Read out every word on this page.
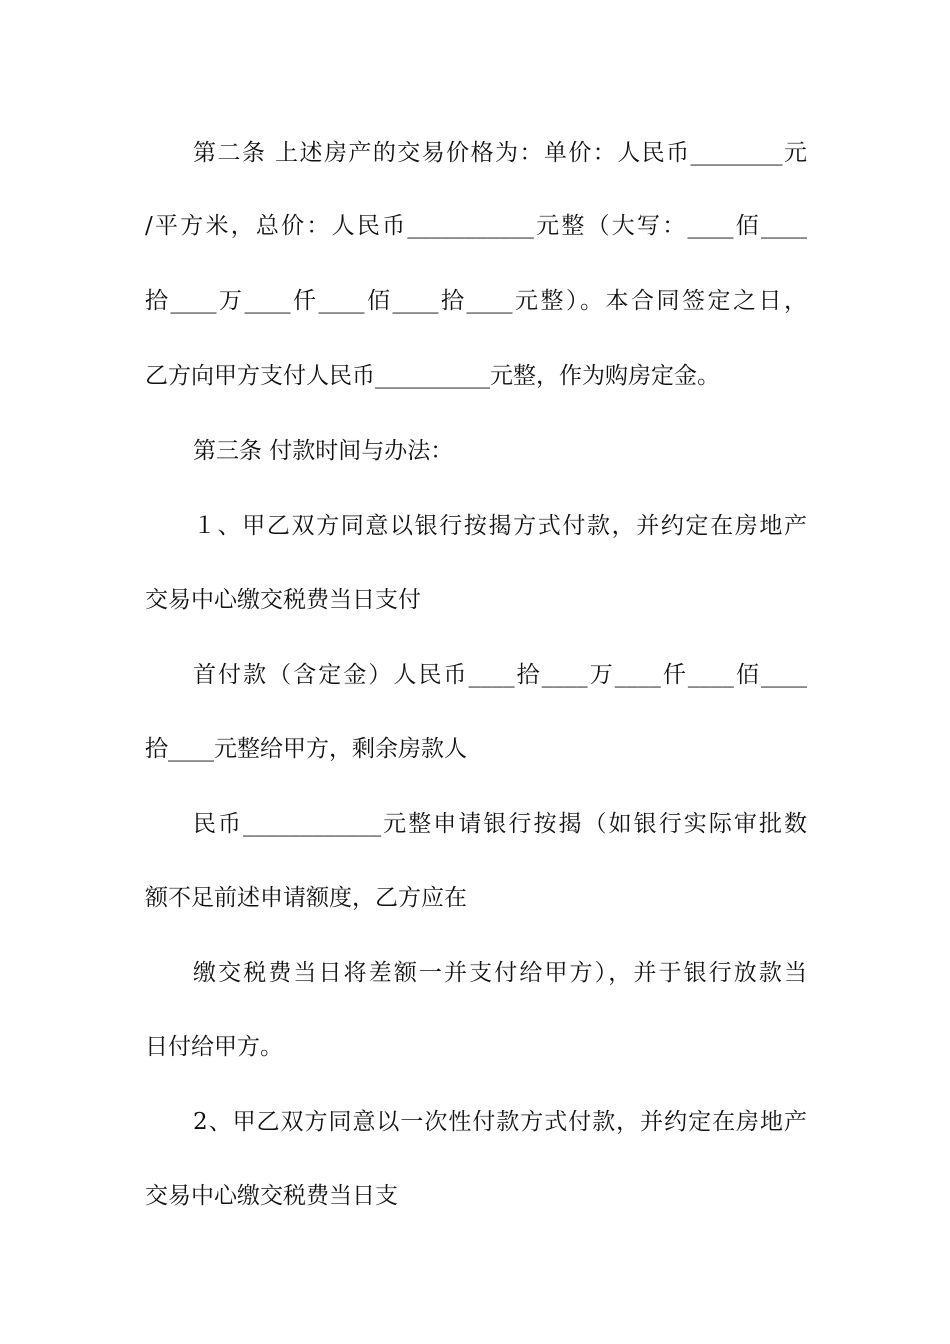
第二条 上述房产的交易价格为：单价：人民币________元
/平方米，总价：人民币___________元整（大写：____佰____
拾____万____仟____佰____拾____元整）。本合同签定之日，
乙方向甲方支付人民币__________元整，作为购房定金。
第三条 付款时间与办法：
１、甲乙双方同意以银行按揭方式付款，并约定在房地产
交易中心缴交税费当日支付
首付款（含定金）人民币____拾____万____仟____佰____
拾____元整给甲方，剩余房款人
民币____________元整申请银行按揭（如银行实际审批数
额不足前述申请额度，乙方应在
缴交税费当日将差额一并支付给甲方），并于银行放款当
日付给甲方。
2、甲乙双方同意以一次性付款方式付款，并约定在房地产
交易中心缴交税费当日支
